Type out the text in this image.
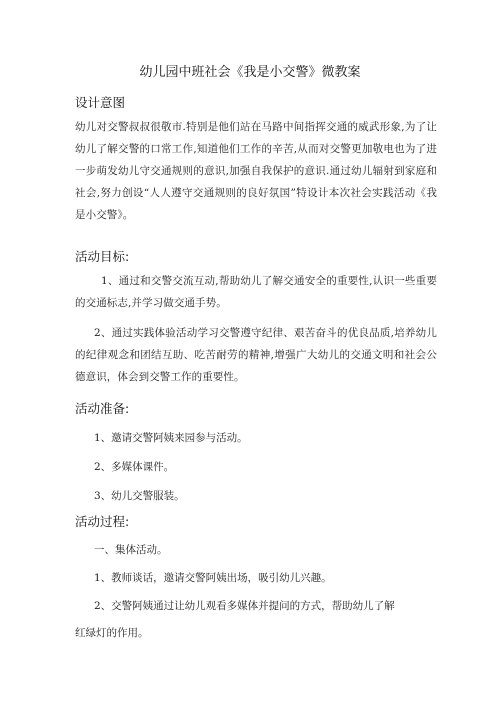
幼儿园中班社会《我是小交警》微教案
设计意图
幼儿对交警叔叔很敬市.特别是他们站在马路中间指挥交通的威武形象,为了让幼儿了解交警的口常工作,知道他们工作的辛苦,从而对交警更加敬电也为了进一步萌发幼儿守交通规则的意识,加强自我保护的意识.通过幼儿辐射到家庭和社会,努力创设“人人遵守交通规则的良好氛国”特设计本次社会实践活动《我是小交警》。
活动目标:
1、通过和交警交流互动,帮助幼儿了解交通安全的重要性,认识一些重要的交通标志,并学习做交通手势。
2、通过实践体验活动学习交警遵守纪律、艰苦奋斗的优良品质,培养幼儿的纪律观念和团结互助、吃苦耐劳的精神,增强广大幼儿的交通文明和社会公德意识，体会到交警工作的重要性。
活动准备:
1、邀请交警阿姨来园参与活动。
2、多媒体课件。
3、幼儿交警服装。
活动过程:
一、集体活动。
1、教师谈话，邀请交警阿姨出场，吸引幼儿兴趣。
2、交警阿姨通过让幼儿观看多媒体并提问的方式，帮助幼儿了解
红绿灯的作用。
